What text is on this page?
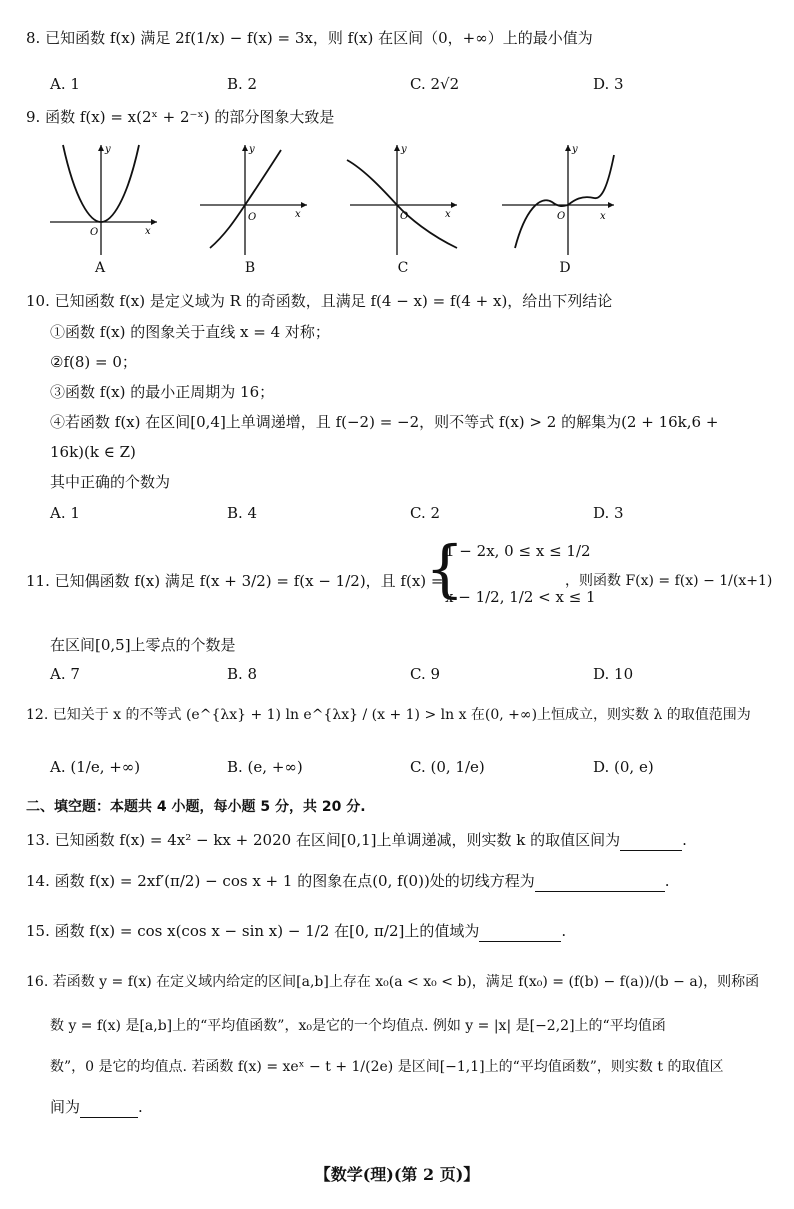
8. 已知函数 f(x) 满足 2f(1/x) − f(x) = 3x，则 f(x) 在区间（0，+∞）上的最小值为
A. 1	B. 2	C. 2√2	D. 3
9. 函数 f(x) = x(2ˣ + 2⁻ˣ) 的部分图象大致是
x
y
O
x
y
O	x
y
O	x
y
O
A	B	C	D
10. 已知函数 f(x) 是定义域为 R 的奇函数，且满足 f(4 − x) = f(4 + x)，给出下列结论
①函数 f(x) 的图象关于直线 x = 4 对称；
②f(8) = 0；
③函数 f(x) 的最小正周期为 16；
④若函数 f(x) 在区间[0,4]上单调递增，且 f(−2) = −2，则不等式 f(x) > 2 的解集为(2 + 16k,6 +
16k)(k ∈ Z)
其中正确的个数为
A. 1	B. 4	C. 2	D. 3
11. 已知偶函数 f(x) 满足 f(x + 3/2) = f(x − 1/2)，且 f(x) =
{
1 − 2x, 0 ≤ x ≤ 1/2
x − 1/2, 1/2 < x ≤ 1
，则函数 F(x) = f(x) − 1/(x+1)
在区间[0,5]上零点的个数是
A. 7	B. 8	C. 9	D. 10
12. 已知关于 x 的不等式 (e^{λx} + 1) ln e^{λx} / (x + 1) > ln x 在(0, +∞)上恒成立，则实数 λ 的取值范围为
A. (1/e, +∞)	B. (e, +∞)	C. (0, 1/e)	D. (0, e)
二、填空题：本题共 4 小题，每小题 5 分，共 20 分.
13. 已知函数 f(x) = 4x² − kx + 2020 在区间[0,1]上单调递减，则实数 k 的取值区间为	.
14. 函数 f(x) = 2xf′(π/2) − cos x + 1 的图象在点(0, f(0))处的切线方程为	.
15. 函数 f(x) = cos x(cos x − sin x) − 1/2 在[0, π/2]上的值域为	.
16. 若函数 y = f(x) 在定义域内给定的区间[a,b]上存在 x₀(a < x₀ < b)，满足 f(x₀) = (f(b) − f(a))/(b − a)，则称函
数 y = f(x) 是[a,b]上的“平均值函数”，x₀是它的一个均值点. 例如 y = |x| 是[−2,2]上的“平均值函
数”，0 是它的均值点. 若函数 f(x) = xeˣ − t + 1/(2e) 是区间[−1,1]上的“平均值函数”，则实数 t 的取值区
间为	.
【数学(理)(第 2 页)】
